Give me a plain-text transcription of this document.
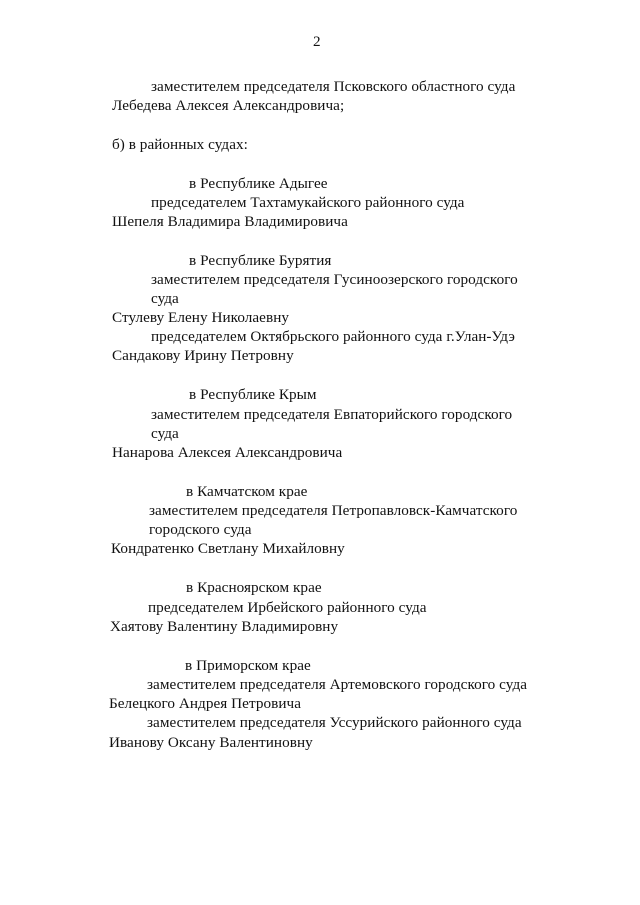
2
заместителем председателя Псковского областного суда
Лебедева Алексея Александровича;
б) в районных судах:
в Республике Адыгее
председателем Тахтамукайского районного суда
Шепеля Владимира Владимировича
в Республике Бурятия
заместителем председателя Гусиноозерского городского
суда
Стулеву Елену Николаевну
председателем Октябрьского районного суда г.Улан-Удэ
Сандакову Ирину Петровну
в Республике Крым
заместителем председателя Евпаторийского городского
суда
Нанарова Алексея Александровича
в Камчатском крае
заместителем председателя Петропавловск-Камчатского
городского суда
Кондратенко Светлану Михайловну
в Красноярском крае
председателем Ирбейского районного суда
Хаятову Валентину Владимировну
в Приморском крае
заместителем председателя Артемовского городского суда
Белецкого Андрея Петровича
заместителем председателя Уссурийского районного суда
Иванову Оксану Валентиновну
